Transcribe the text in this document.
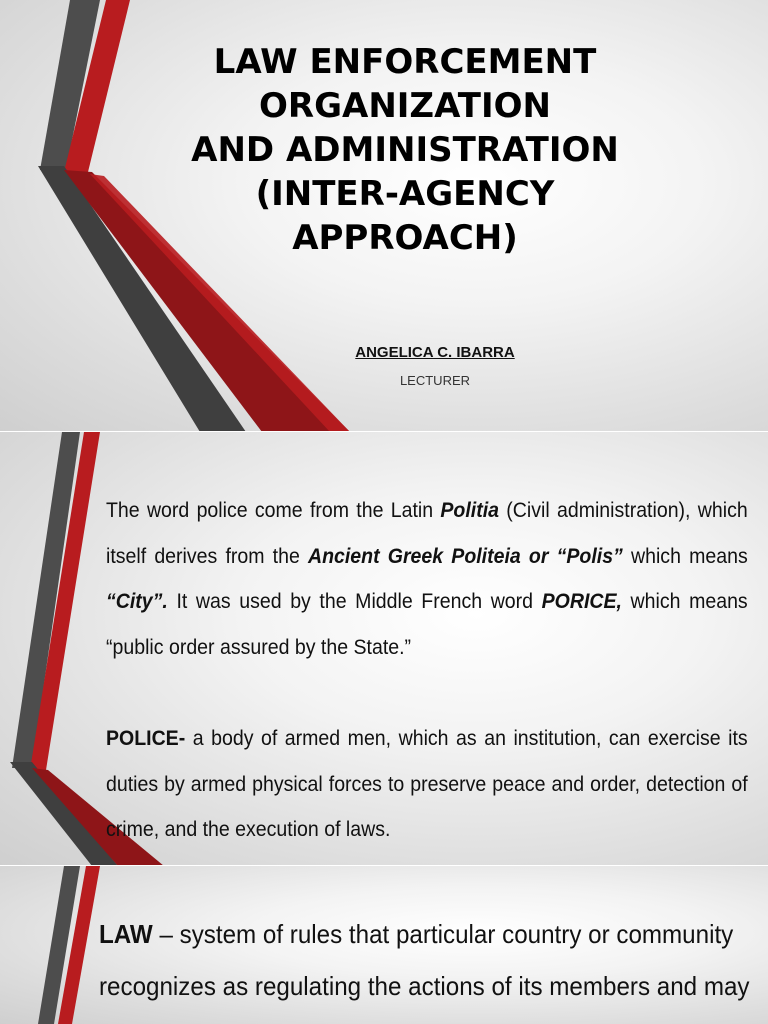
LAW ENFORCEMENT
ORGANIZATION
AND ADMINISTRATION
(INTER-AGENCY
APPROACH)
ANGELICA C. IBARRA
LECTURER
The word police come from the Latin Politia (Civil administration), which itself derives from the Ancient Greek Politeia or “Polis” which means “City”. It was used by the Middle French word PORICE, which means “public order assured by the State.”
POLICE- a body of armed men, which as an institution, can exercise its duties by armed physical forces to preserve peace and order, detection of crime, and the execution of laws.
LAW – system of rules that particular country or community recognizes as regulating the actions of its members and may
